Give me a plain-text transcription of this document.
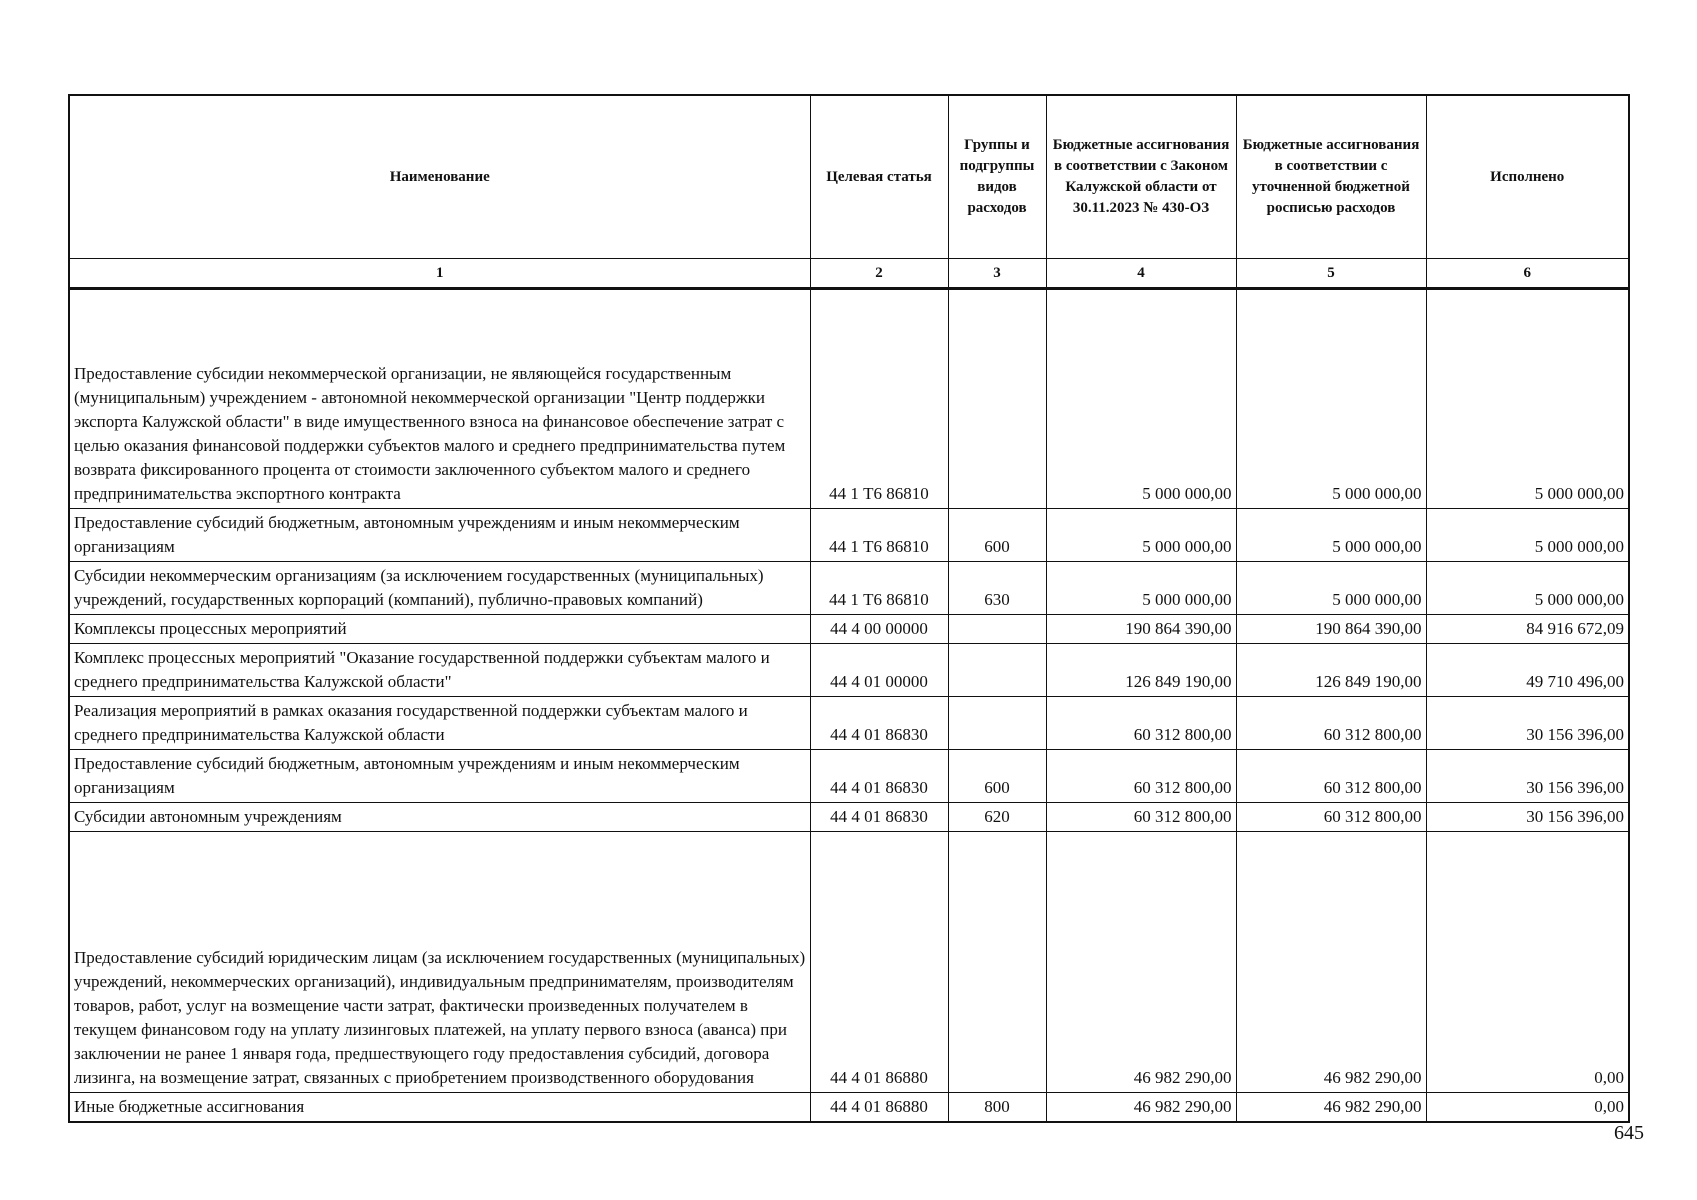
Наименование	Целевая статья	Группы и подгруппы видов расходов	Бюджетные ассигнования в соответствии с Законом Калужской области от 30.11.2023 № 430-ОЗ	Бюджетные ассигнования в соответствии с уточненной бюджетной росписью расходов	Исполнено
1	2	3	4	5	6
Предоставление субсидии некоммерческой организации, не являющейся государственным (муниципальным) учреждением - автономной некоммерческой организации "Центр поддержки экспорта Калужской области" в виде имущественного взноса на финансовое обеспечение затрат с целью оказания финансовой поддержки субъектов малого и среднего предпринимательства путем возврата фиксированного процента от стоимости заключенного субъектом малого и среднего предпринимательства экспортного контракта	44 1 Т6 86810		5 000 000,00	5 000 000,00	5 000 000,00
Предоставление субсидий бюджетным, автономным учреждениям и иным некоммерческим организациям	44 1 Т6 86810	600	5 000 000,00	5 000 000,00	5 000 000,00
Субсидии некоммерческим организациям (за исключением государственных (муниципальных) учреждений, государственных корпораций (компаний), публично-правовых компаний)	44 1 Т6 86810	630	5 000 000,00	5 000 000,00	5 000 000,00
Комплексы процессных мероприятий	44 4 00 00000		190 864 390,00	190 864 390,00	84 916 672,09
Комплекс процессных мероприятий "Оказание государственной поддержки субъектам малого и среднего предпринимательства Калужской области"	44 4 01 00000		126 849 190,00	126 849 190,00	49 710 496,00
Реализация мероприятий в рамках оказания государственной поддержки субъектам малого и среднего предпринимательства Калужской области	44 4 01 86830		60 312 800,00	60 312 800,00	30 156 396,00
Предоставление субсидий бюджетным, автономным учреждениям и иным некоммерческим организациям	44 4 01 86830	600	60 312 800,00	60 312 800,00	30 156 396,00
Субсидии автономным учреждениям	44 4 01 86830	620	60 312 800,00	60 312 800,00	30 156 396,00
Предоставление субсидий юридическим лицам (за исключением государственных (муниципальных) учреждений, некоммерческих организаций), индивидуальным предпринимателям, производителям товаров, работ, услуг на возмещение части затрат, фактически произведенных получателем в текущем финансовом году на уплату лизинговых платежей, на уплату первого взноса (аванса) при заключении не ранее 1 января года, предшествующего году предоставления субсидий, договора лизинга, на возмещение затрат, связанных с приобретением производственного оборудования	44 4 01 86880		46 982 290,00	46 982 290,00	0,00
Иные бюджетные ассигнования	44 4 01 86880	800	46 982 290,00	46 982 290,00	0,00
645
